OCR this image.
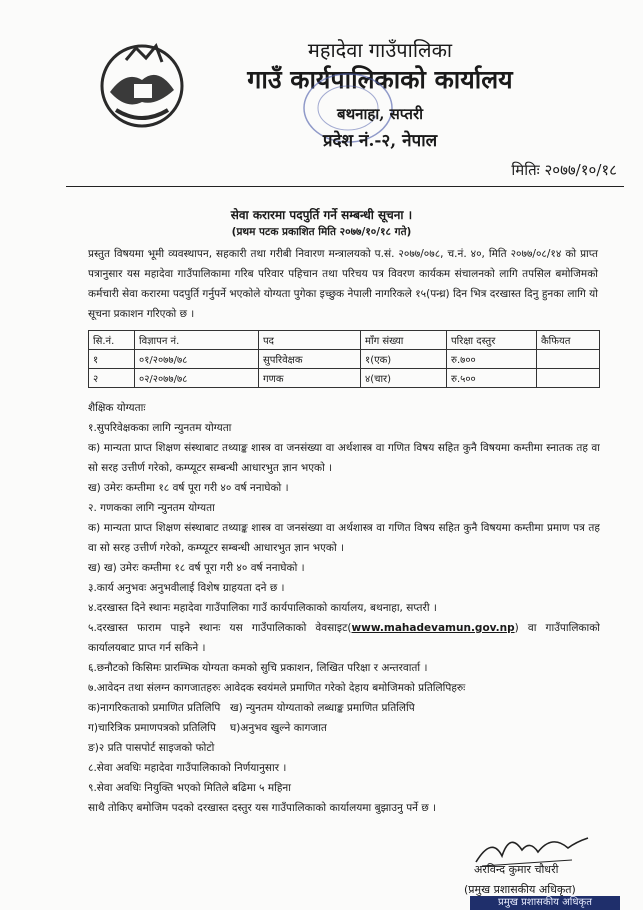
महादेवा गाउँपालिका
गाउँ कार्यपालिकाको कार्यालय
बथनाहा, सप्तरी
प्रदेश नं.-२, नेपाल
मितिः २०७७/१०/१८
सेवा करारमा पदपुर्ति गर्ने सम्बन्धी सूचना ।
(प्रथम पटक प्रकाशित मिति २०७७/१०/१८ गते)
प्रस्तुत विषयमा भूमी व्यवस्थापन, सहकारी तथा गरीबी निवारण मन्त्रालयको प.सं. २०७७/०७८, च.नं. ४०, मिति २०७७/०८/१४ को प्राप्त पत्रानुसार यस महादेवा गाउँपालिकामा गरिब परिवार पहिचान तथा परिचय पत्र विवरण कार्यकम संचालनको लागि तपसिल बमोजिमको कर्मचारी सेवा करारमा पदपुर्ति गर्नुपर्ने भएकोले योग्यता पुगेका इच्छुक नेपाली नागरिकले १५(पन्ध्र) दिन भित्र दरखास्त दिनु हुनका लागि यो सूचना प्रकाशन गरिएको छ ।
सि.नं.	विज्ञापन नं.	पद	माँग संख्या	परिक्षा दस्तुर	कैफियत
१	०१/२०७७/७८	सुपरिवेक्षक	१(एक)	रु.७००	
२	०२/२०७७/७८	गणक	४(चार)	रु.५००	
शैक्षिक योग्यताः
१.सुपरिवेक्षकका लागि न्युनतम योग्यता
क) मान्यता प्राप्त शिक्षण संस्थाबाट तथ्याङ्क शास्त्र वा जनसंख्या वा अर्थशास्त्र वा गणित विषय सहित कुनै विषयमा कम्तीमा स्नातक तह वा सो सरह उत्तीर्ण गरेको, कम्प्यूटर सम्बन्धी आधारभुत ज्ञान भएको ।
ख) उमेरः कम्तीमा १८ वर्ष पूरा गरी ४० वर्ष ननाघेको ।
२. गणकका लागि न्युनतम योग्यता
क) मान्यता प्राप्त शिक्षण संस्थाबाट तथ्याङ्क शास्त्र वा जनसंख्या वा अर्थशास्त्र वा गणित विषय सहित कुनै विषयमा कम्तीमा प्रमाण पत्र तह वा सो सरह उत्तीर्ण गरेको, कम्प्यूटर सम्बन्धी आधारभुत ज्ञान भएको ।
ख) ख) उमेरः कम्तीमा १८ वर्ष पूरा गरी ४० वर्ष ननाघेको ।
३.कार्य अनुभवः अनुभवीलाई विशेष ग्राहयता दने छ ।
४.दरखास्त दिने स्थानः महादेवा गाउँपालिका गाउँ कार्यपालिकाको कार्यालय, बथनाहा, सप्तरी ।
५.दरखास्त फाराम पाइने स्थानः यस गाउँपालिकाको वेवसाइट(www.mahadevamun.gov.np) वा गाउँपालिकाको कार्यालयबाट प्राप्त गर्न सकिने ।
६.छनौटको किसिमः प्रारम्भिक योग्यता कमको सुचि प्रकाशन, लिखित परिक्षा र अन्तरवार्ता ।
७.आवेदन तथा संलग्न कागजातहरुः आवेदक स्वयंमले प्रमाणित गरेको देहाय बमोजिमको प्रतिलिपिहरुः
क)नागरिकताको प्रमाणित प्रतिलिपि ख) न्युनतम योग्यताको लब्धाङ्क प्रमाणित प्रतिलिपि
ग)चारित्रिक प्रमाणपत्रको प्रतिलिपि घ)अनुभव खुल्ने कागजात
ङ)२ प्रति पासपोर्ट साइजको फोटो
८.सेवा अवधिः महादेवा गाउँपालिकाको निर्णयानुसार ।
९.सेवा अवधिः नियुक्ति भएको मितिले बढिमा ५ महिना
साथै तोकिए बमोजिम पदको दरखास्त दस्तुर यस गाउँपालिकाको कार्यालयमा बुझाउनु पर्ने छ ।
अरविन्द कुमार चौधरी
(प्रमुख प्रशासकीय अधिकृत)
प्रमुख प्रशासकीय अधिकृत
